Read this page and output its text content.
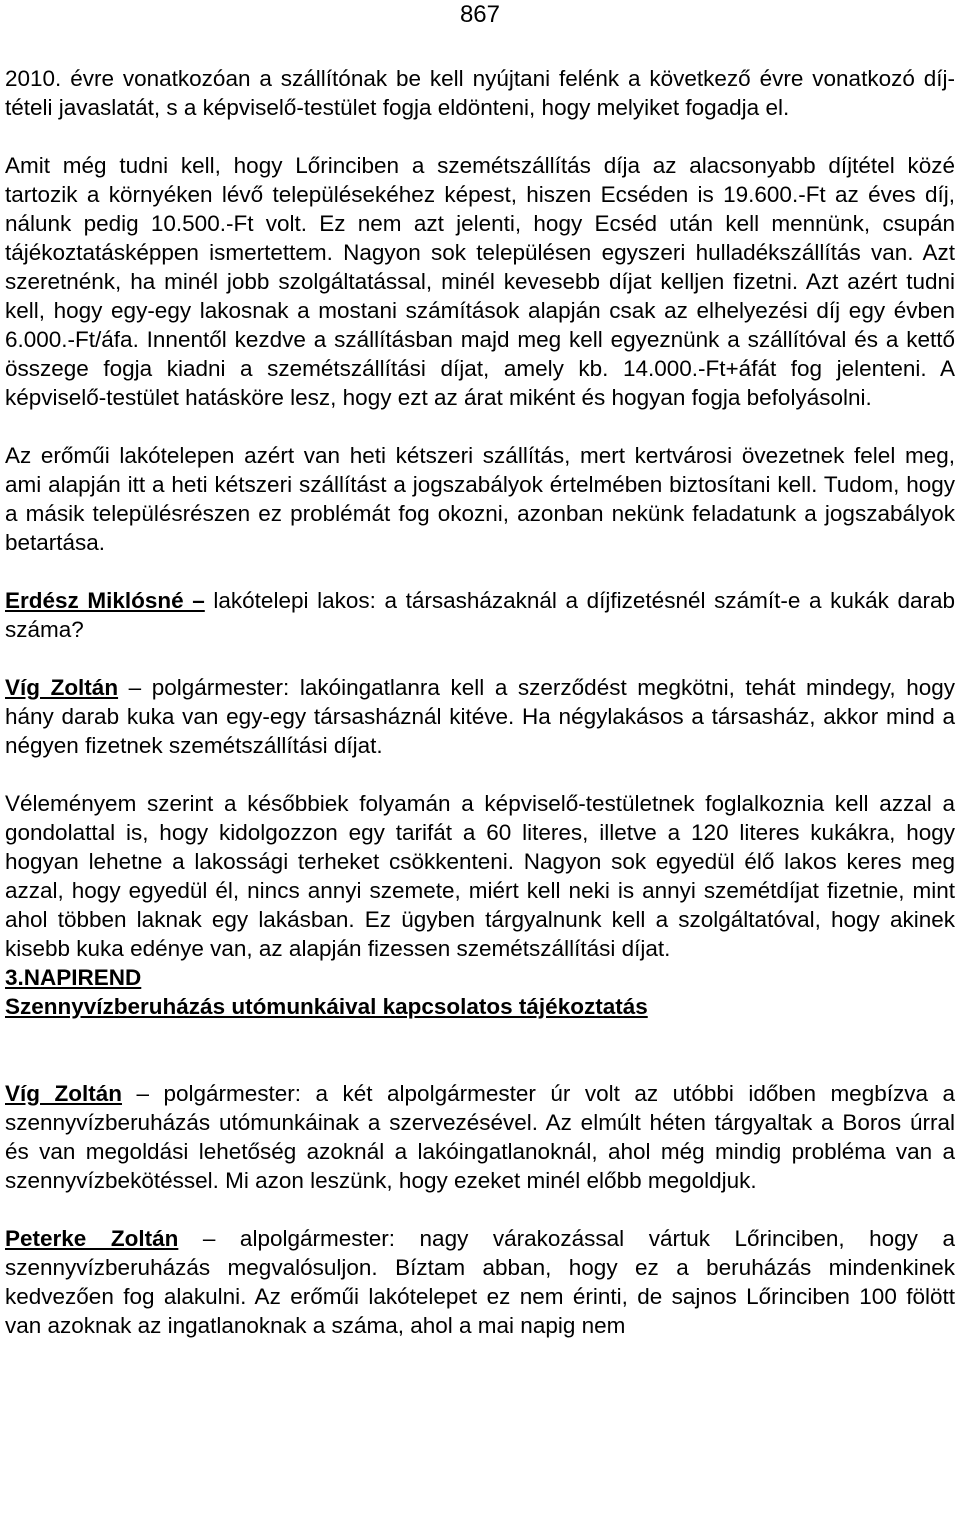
867

2010. évre vonatkozóan a szállítónak be kell nyújtani felénk a következő évre vonatkozó díj-tételi javaslatát, s a képviselő-testület fogja eldönteni, hogy melyiket fogadja el.

Amit még tudni kell, hogy Lőrinciben a szemétszállítás díja az alacsonyabb díjtétel közé tartozik a környéken lévő településekéhez képest, hiszen Ecséden is 19.600.-Ft az éves díj, nálunk pedig 10.500.-Ft volt. Ez nem azt jelenti, hogy Ecséd után kell mennünk, csupán tájékoztatásképpen ismertettem. Nagyon sok településen egyszeri hulladékszállítás van. Azt szeretnénk, ha minél jobb szolgáltatással, minél kevesebb díjat kelljen fizetni. Azt azért tudni kell, hogy egy-egy lakosnak a mostani számítások alapján csak az elhelyezési díj egy évben 6.000.-Ft/áfa. Innentől kezdve a szállításban majd meg kell egyeznünk a szállítóval és a kettő összege fogja kiadni a szemétszállítási díjat, amely kb. 14.000.-Ft+áfát fog jelenteni. A képviselő-testület hatásköre lesz, hogy ezt az árat miként és hogyan fogja befolyásolni.

Az erőműi lakótelepen azért van heti kétszeri szállítás, mert kertvárosi övezetnek felel meg, ami alapján itt a heti kétszeri szállítást a jogszabályok értelmében biztosítani kell. Tudom, hogy a másik településrészen ez problémát fog okozni, azonban nekünk feladatunk a jogszabályok betartása.

Erdész Miklósné – lakótelepi lakos: a társasházaknál a díjfizetésnél számít-e a kukák darab száma?

Víg Zoltán – polgármester: lakóingatlanra kell a szerződést megkötni, tehát mindegy, hogy hány darab kuka van egy-egy társasháznál kitéve. Ha négylakásos a társasház, akkor mind a négyen fizetnek szemétszállítási díjat.

Véleményem szerint a későbbiek folyamán a képviselő-testületnek foglalkoznia kell azzal a gondolattal is, hogy kidolgozzon egy tarifát a 60 literes, illetve a 120 literes kukákra, hogy hogyan lehetne a lakossági terheket csökkenteni. Nagyon sok egyedül élő lakos keres meg azzal, hogy egyedül él, nincs annyi szemete, miért kell neki is annyi szemétdíjat fizetnie, mint ahol többen laknak egy lakásban. Ez ügyben tárgyalnunk kell a szolgáltatóval, hogy akinek kisebb kuka edénye van, az alapján fizessen szemétszállítási díjat.

3.NAPIREND

Szennyvízberuházás utómunkáival kapcsolatos tájékoztatás

Víg Zoltán – polgármester: a két alpolgármester úr volt az utóbbi időben megbízva a szennyvízberuházás utómunkáinak a szervezésével. Az elmúlt héten tárgyaltak a Boros úrral és van megoldási lehetőség azoknál a lakóingatlanoknál, ahol még mindig probléma van a szennyvízbekötéssel. Mi azon leszünk, hogy ezeket minél előbb megoldjuk.

Peterke Zoltán – alpolgármester: nagy várakozással vártuk Lőrinciben, hogy a szennyvízberuházás megvalósuljon. Bíztam abban, hogy ez a beruházás mindenkinek kedvezően fog alakulni. Az erőműi lakótelepet ez nem érinti, de sajnos Lőrinciben 100 fölött van azoknak az ingatlanoknak a száma, ahol a mai napig nem
